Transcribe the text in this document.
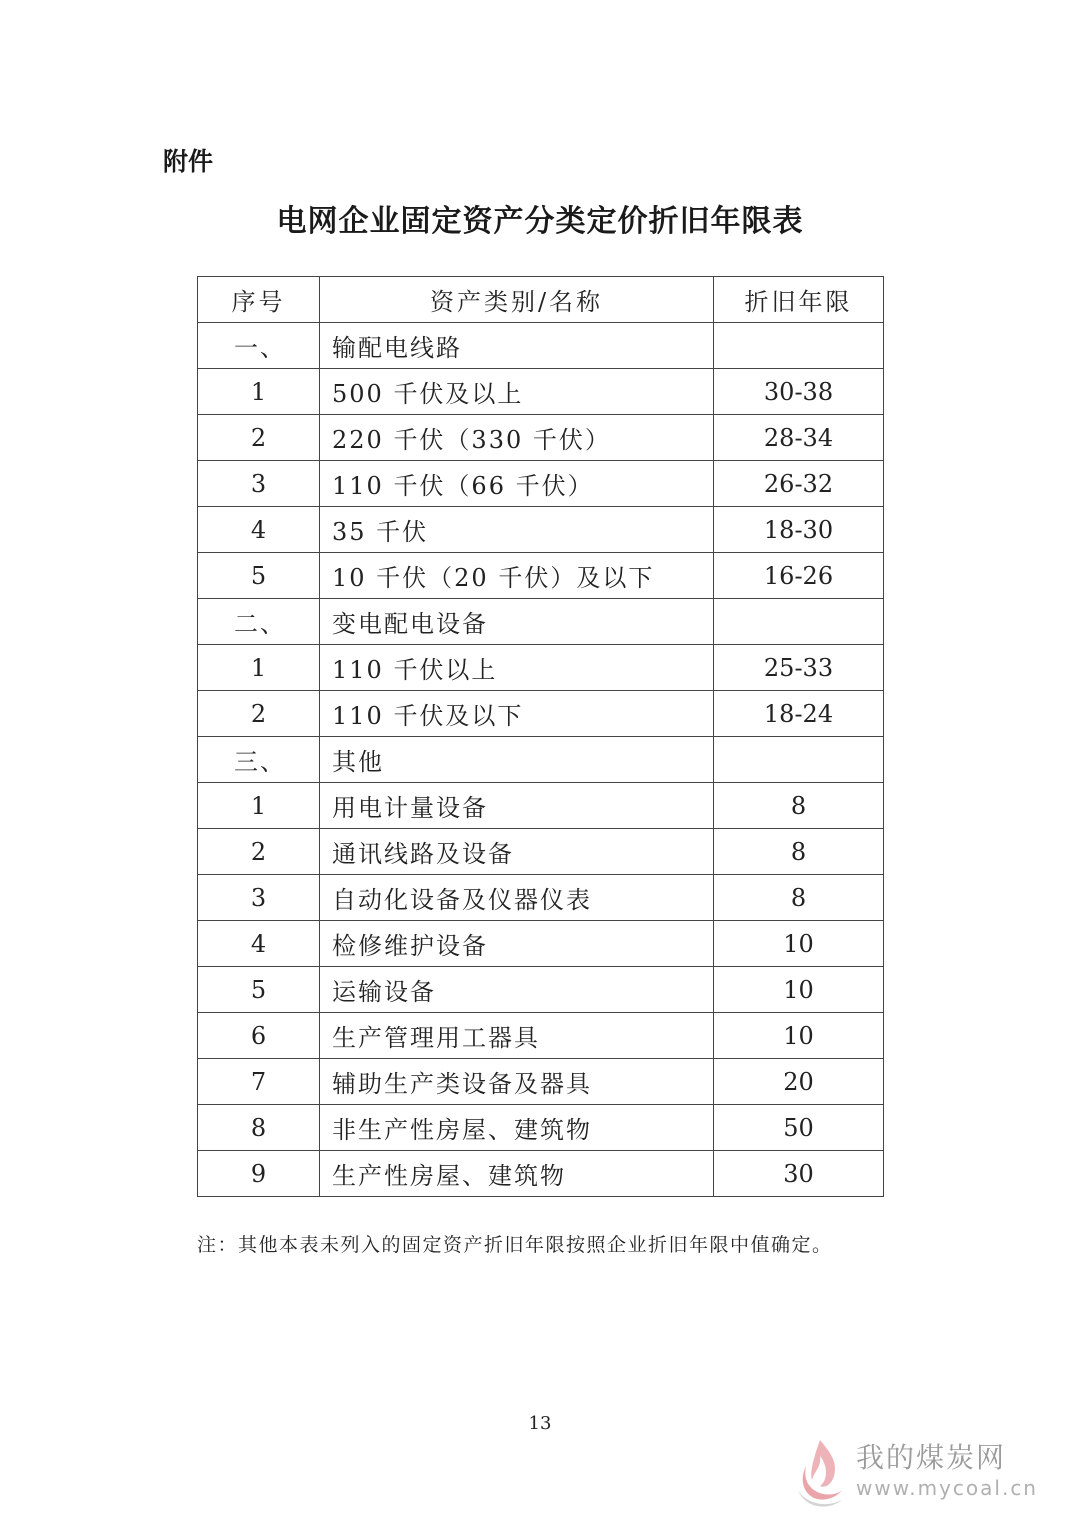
附件
电网企业固定资产分类定价折旧年限表
序号	资产类别/名称	折旧年限
一、	输配电线路	
1	500 千伏及以上	30-38
2	220 千伏（330 千伏）	28-34
3	110 千伏（66 千伏）	26-32
4	35 千伏	18-30
5	10 千伏（20 千伏）及以下	16-26
二、	变电配电设备	
1	110 千伏以上	25-33
2	110 千伏及以下	18-24
三、	其他	
1	用电计量设备	8
2	通讯线路及设备	8
3	自动化设备及仪器仪表	8
4	检修维护设备	10
5	运输设备	10
6	生产管理用工器具	10
7	辅助生产类设备及器具	20
8	非生产性房屋、建筑物	50
9	生产性房屋、建筑物	30
注：其他本表未列入的固定资产折旧年限按照企业折旧年限中值确定。
13
我的煤炭网
www.mycoal.cn
